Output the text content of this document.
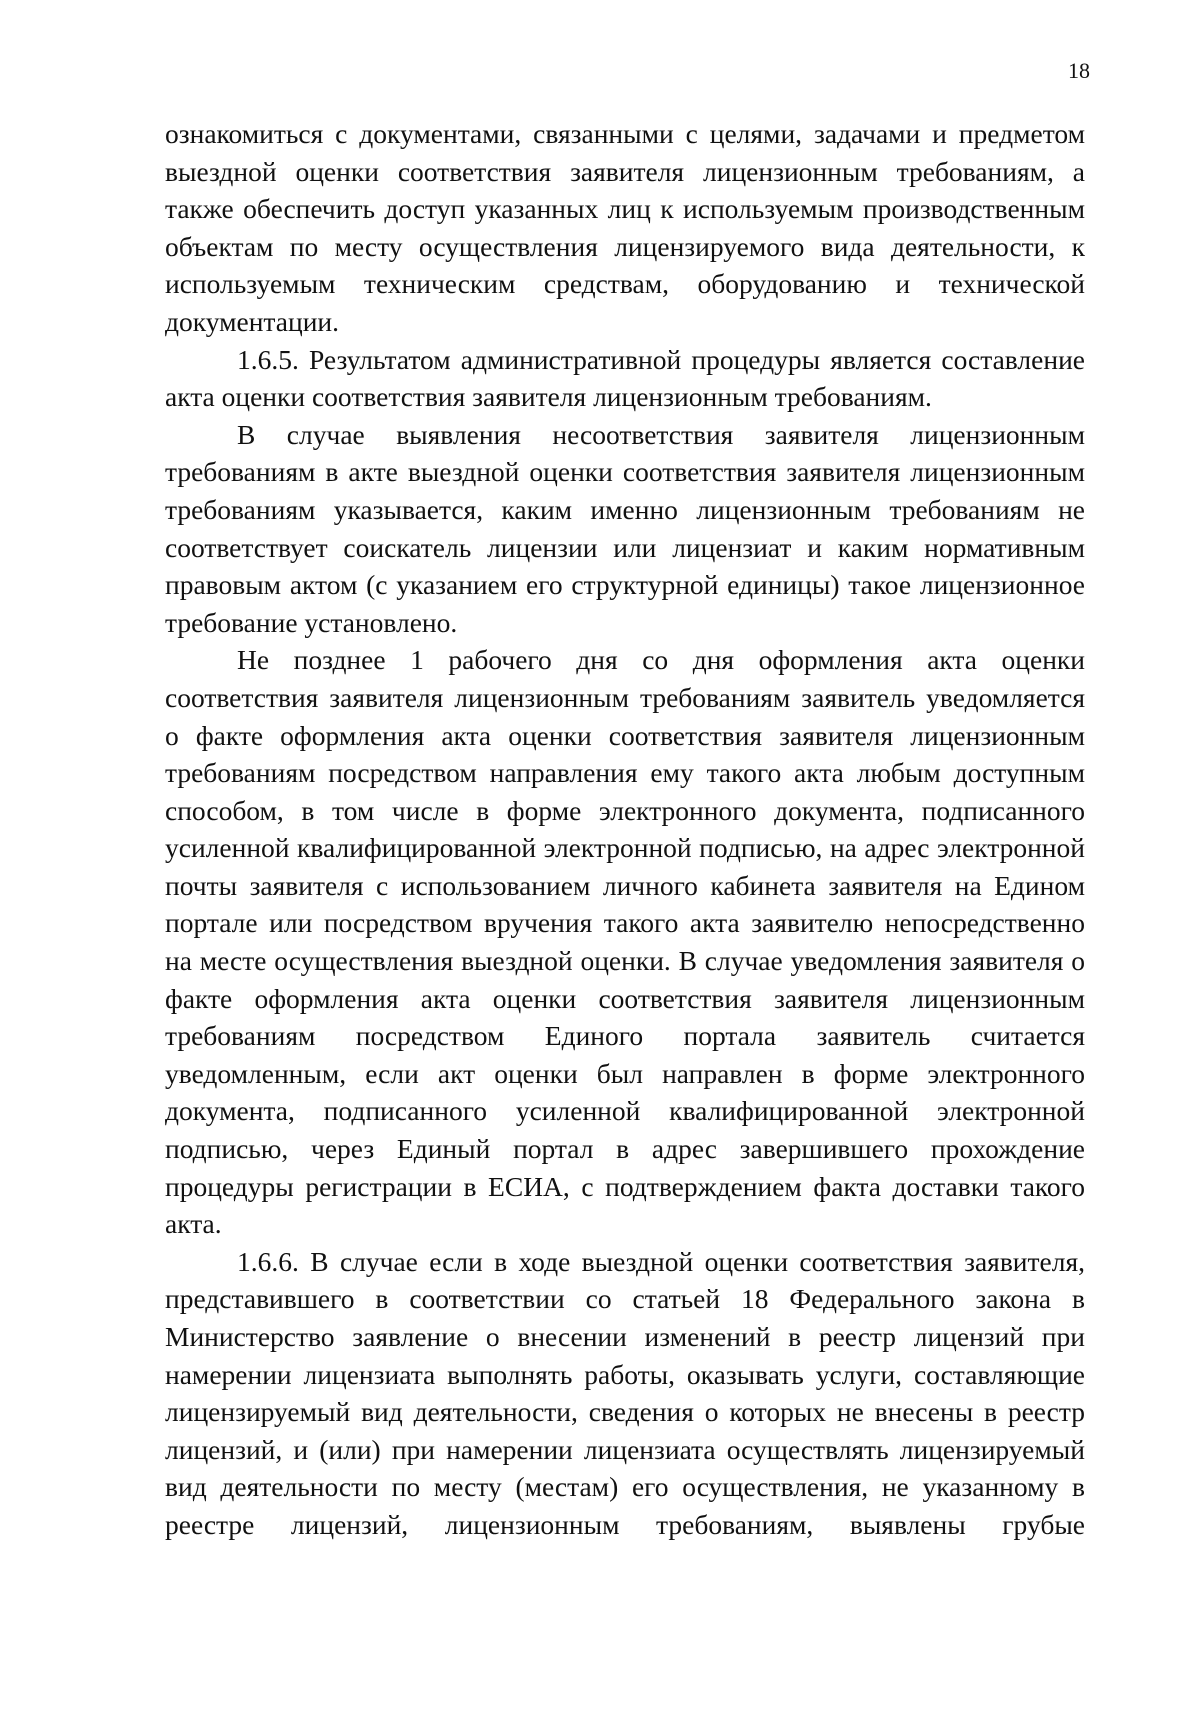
18

ознакомиться с документами, связанными с целями, задачами и предметом выездной оценки соответствия заявителя лицензионным требованиям, а также обеспечить доступ указанных лиц к используемым производственным объектам по месту осуществления лицензируемого вида деятельности, к используемым техническим средствам, оборудованию и технической документации.

1.6.5. Результатом административной процедуры является составление акта оценки соответствия заявителя лицензионным требованиям.

В случае выявления несоответствия заявителя лицензионным требованиям в акте выездной оценки соответствия заявителя лицензионным требованиям указывается, каким именно лицензионным требованиям не соответствует соискатель лицензии или лицензиат и каким нормативным правовым актом (с указанием его структурной единицы) такое лицензионное требование установлено.

Не позднее 1 рабочего дня со дня оформления акта оценки соответствия заявителя лицензионным требованиям заявитель уведомляется о факте оформления акта оценки соответствия заявителя лицензионным требованиям посредством направления ему такого акта любым доступным способом, в том числе в форме электронного документа, подписанного усиленной квалифицированной электронной подписью, на адрес электронной почты заявителя с использованием личного кабинета заявителя на Едином портале или посредством вручения такого акта заявителю непосредственно на месте осуществления выездной оценки. В случае уведомления заявителя о факте оформления акта оценки соответствия заявителя лицензионным требованиям посредством Единого портала заявитель считается уведомленным, если акт оценки был направлен в форме электронного документа, подписанного усиленной квалифицированной электронной подписью, через Единый портал в адрес завершившего прохождение процедуры регистрации в ЕСИА, с подтверждением факта доставки такого акта.

1.6.6. В случае если в ходе выездной оценки соответствия заявителя, представившего в соответствии со статьей 18 Федерального закона в Министерство заявление о внесении изменений в реестр лицензий при намерении лицензиата выполнять работы, оказывать услуги, составляющие лицензируемый вид деятельности, сведения о которых не внесены в реестр лицензий, и (или) при намерении лицензиата осуществлять лицензируемый вид деятельности по месту (местам) его осуществления, не указанному в реестре лицензий, лицензионным требованиям, выявлены грубые
